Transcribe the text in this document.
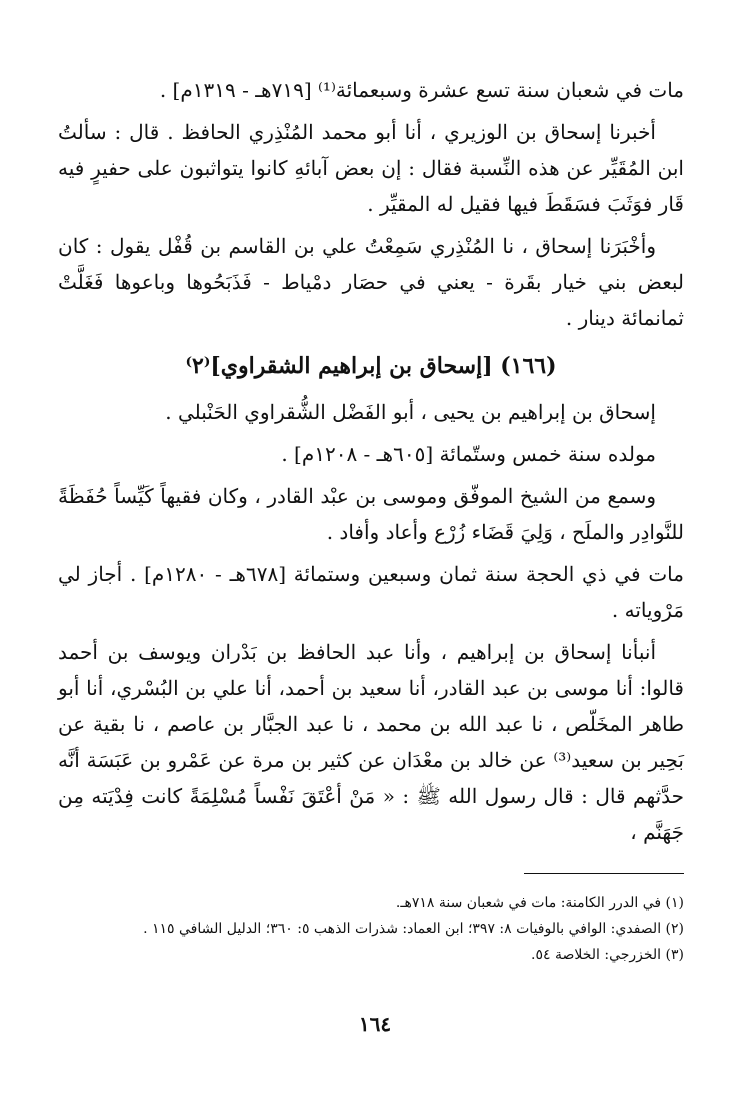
مات في شعبان سنة تسع عشرة وسبعمائة⁽¹⁾ [٧١٩هـ - ١٣١٩م] .

أخبرنا إسحاق بن الوزيري ، أنا أبو محمد المُنْذِري الحافظ . قال : سألتُ ابن المُقَيِّر عن هذه النِّسبة فقال : إن بعض آبائهِ كانوا يتواثبون على حفيرٍ فيه قَار فوَثَبَ فسَقَطَ فيها فقيل له المقيِّر .

وأخْبَرَنا إسحاق ، نا المُنْذِري سَمِعْتُ علي بن القاسم بن قُفْل يقول : كان لبعض بني خيار بقَرة - يعني في حصَار دمْياط - فَذَبَحُوها وباعوها فَغَلَّتْ ثمانمائة دينار .

(١٦٦) [إسحاق بن إبراهيم الشقراوي]⁽٢⁾

إسحاق بن إبراهيم بن يحيى ، أبو الفَضْل الشُّقراوي الحَنْبلي .

مولده سنة خمس وستّمائة [٦٠٥هـ - ١٢٠٨م] .

وسمع من الشيخ الموفّق وموسى بن عبْد القادر ، وكان فقيهاً كَيِّساً حُفَظَةً للنَّوادِر والملَح ، وَلِيَ قَضَاء زُرْع وأعاد وأفاد .

مات في ذي الحجة سنة ثمان وسبعين وستمائة [٦٧٨هـ - ١٢٨٠م] . أجاز لي مَرْوياته .

أنبأنا إسحاق بن إبراهيم ، وأنا عبد الحافظ بن بَدْران ويوسف بن أحمد قالوا: أنا موسى بن عبد القادر، أنا سعيد بن أحمد، أنا علي بن البُسْري، أنا أبو طاهر المخَلّص ، نا عبد الله بن محمد ، نا عبد الجبَّار بن عاصم ، نا بقية عن بَحِير بن سعيد⁽³⁾ عن خالد بن معْدَان عن كثير بن مرة عن عَمْرو بن عَبَسَة أنَّه حدَّثهم قال : قال رسول الله ﷺ : « مَنْ أعْتَقَ نَفْساً مُسْلِمَةً كانت فِدْيَته مِن جَهَنَّم ،

(١) في الدرر الكامنة: مات في شعبان سنة ٧١٨هـ.

(٢) الصفدي: الوافي بالوفيات ٨: ٣٩٧؛ ابن العماد: شذرات الذهب ٥: ٣٦٠؛ الدليل الشافي ١١٥ .

(٣) الخزرجي: الخلاصة ٥٤.

١٦٤
